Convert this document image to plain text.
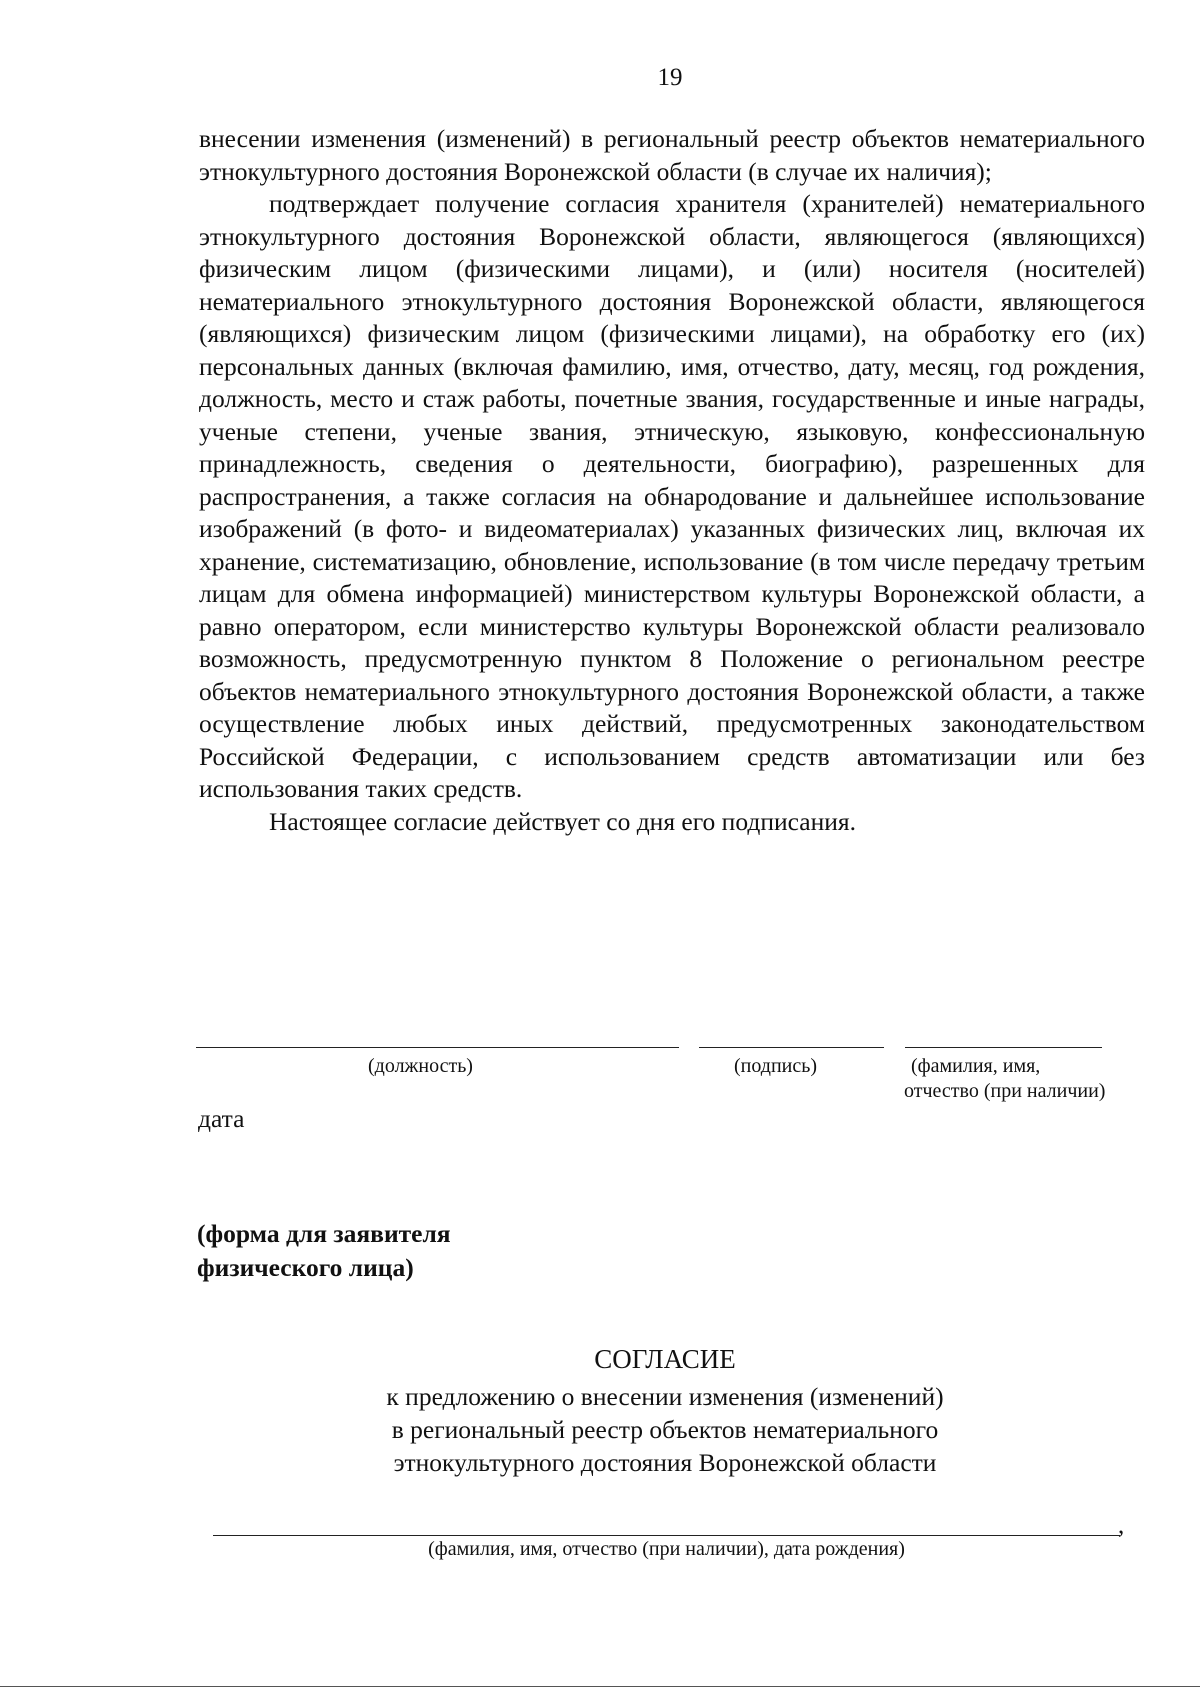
19

внесении изменения (изменений) в региональный реестр объектов нематериального этнокультурного достояния Воронежской области (в случае их наличия);

подтверждает получение согласия хранителя (хранителей) нематериального этнокультурного достояния Воронежской области, являющегося (являющихся) физическим лицом (физическими лицами), и (или) носителя (носителей) нематериального этнокультурного достояния Воронежской области, являющегося (являющихся) физическим лицом (физическими лицами), на обработку его (их) персональных данных (включая фамилию, имя, отчество, дату, месяц, год рождения, должность, место и стаж работы, почетные звания, государственные и иные награды, ученые степени, ученые звания, этническую, языковую, конфессиональную принадлежность, сведения о деятельности, биографию), разрешенных для распространения, а также согласия на обнародование и дальнейшее использование изображений (в фото- и видеоматериалах) указанных физических лиц, включая их хранение, систематизацию, обновление, использование (в том числе передачу третьим лицам для обмена информацией) министерством культуры Воронежской области, а равно оператором, если министерство культуры Воронежской области реализовало возможность, предусмотренную пунктом 8 Положение о региональном реестре объектов нематериального этнокультурного достояния Воронежской области, а также осуществление любых иных действий, предусмотренных законодательством Российской Федерации, с использованием средств автоматизации или без использования таких средств.

Настоящее согласие действует со дня его подписания.

(должность)	(подпись)	(фамилия, имя,
отчество (при наличии)
дата
(форма для заявителя
физического лица)
СОГЛАСИЕ
к предложению о внесении изменения (изменений)
в региональный реестр объектов нематериального
этнокультурного достояния Воронежской области
,
(фамилия, имя, отчество (при наличии), дата рождения)
